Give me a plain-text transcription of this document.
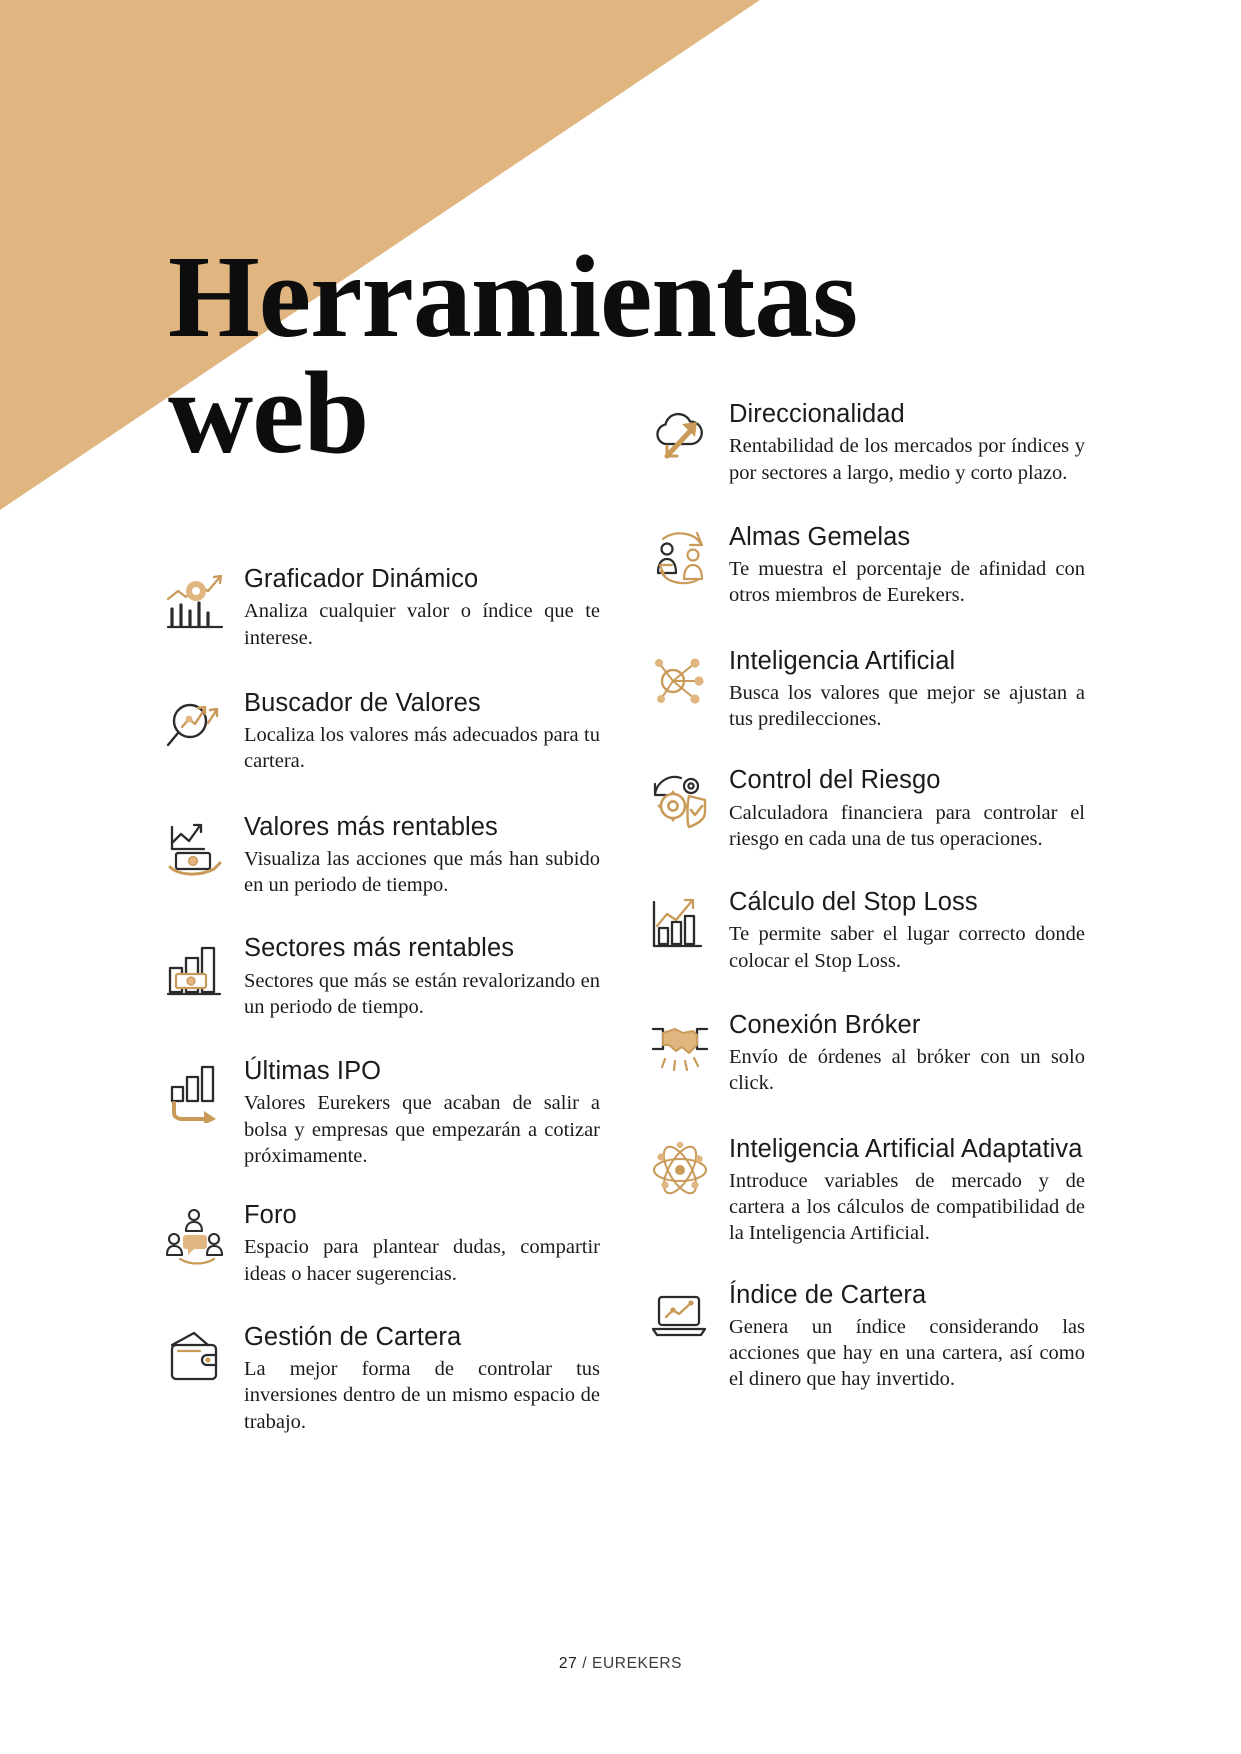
Herramientas
web
Graficador Dinámico

Analiza cualquier valor o índice que te interese.

Buscador de Valores

Localiza los valores más adecuados para tu cartera.

Valores más rentables

Visualiza las acciones que más han subido en un periodo de tiempo.

Sectores más rentables

Sectores que más se están revalorizando en un periodo de tiempo.

Últimas IPO

Valores Eurekers que acaban de salir a bolsa y empresas que empezarán a cotizar próximamente.

Foro

Espacio para plantear dudas, compartir ideas o hacer sugerencias.

Gestión de Cartera

La mejor forma de controlar tus inversiones dentro de un mismo espacio de trabajo.

Direccionalidad

Rentabilidad de los mercados por índices y por sectores a largo, medio y corto plazo.

Almas Gemelas

Te muestra el porcentaje de afinidad con otros miembros de Eurekers.

Inteligencia Artificial

Busca los valores que mejor se ajustan a tus predilecciones.

Control del Riesgo

Calculadora financiera para controlar el riesgo en cada una de tus operaciones.

Cálculo del Stop Loss

Te permite saber el lugar correcto donde colocar el Stop Loss.

Conexión Bróker

Envío de órdenes al bróker con un solo click.

Inteligencia Artificial Adaptativa

Introduce variables de mercado y de cartera a los cálculos de compatibilidad de la Inteligencia Artificial.

Índice de Cartera

Genera un índice considerando las acciones que hay en una cartera, así como el dinero que hay invertido.

27 / EUREKERS
